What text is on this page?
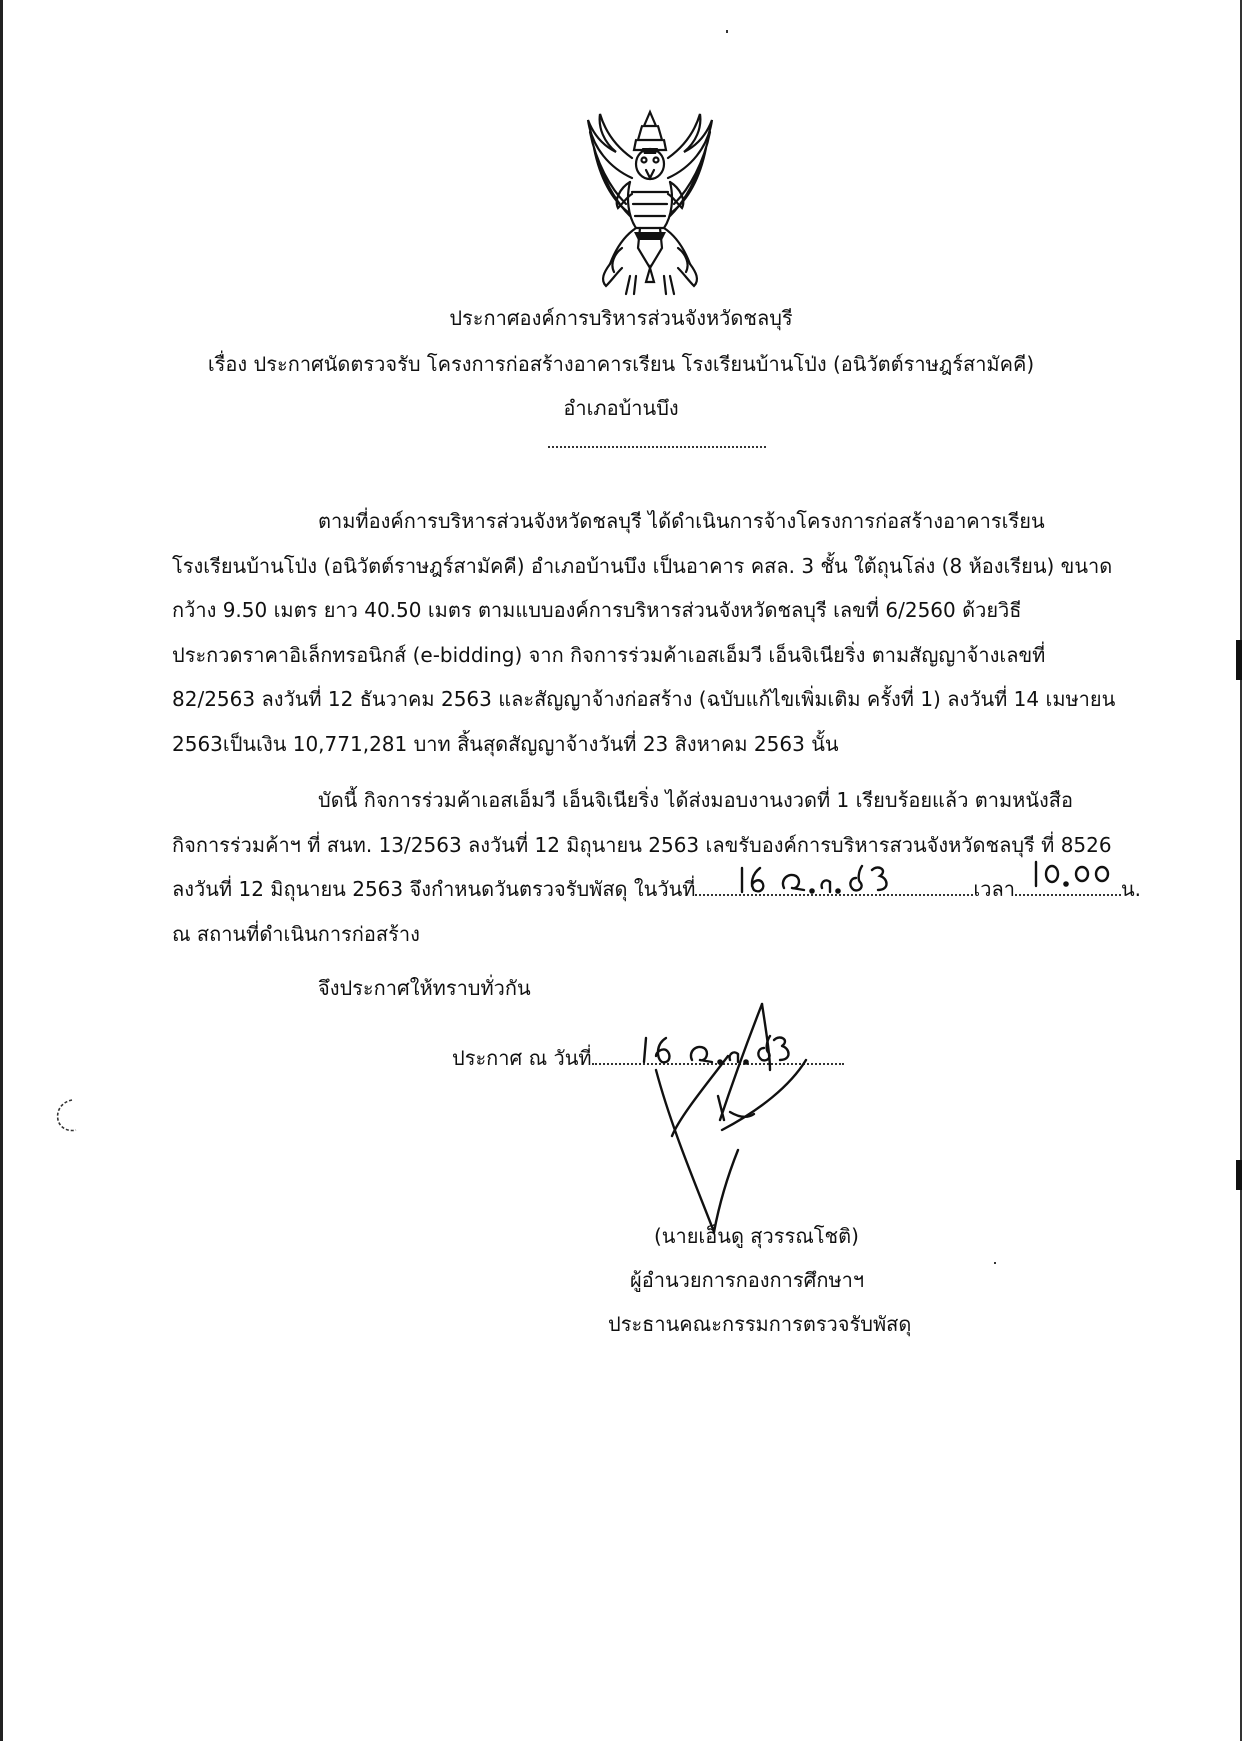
ประกาศองค์การบริหารส่วนจังหวัดชลบุรี
เรื่อง ประกาศนัดตรวจรับ โครงการก่อสร้างอาคารเรียน โรงเรียนบ้านโป่ง (อนิวัตต์ราษฎร์สามัคคี)
อำเภอบ้านบึง
ตามที่องค์การบริหารส่วนจังหวัดชลบุรี ได้ดำเนินการจ้างโครงการก่อสร้างอาคารเรียน
โรงเรียนบ้านโป่ง (อนิวัตต์ราษฎร์สามัคคี) อำเภอบ้านบึง เป็นอาคาร คสล. 3 ชั้น ใต้ถุนโล่ง (8 ห้องเรียน) ขนาด
กว้าง 9.50 เมตร ยาว 40.50 เมตร ตามแบบองค์การบริหารส่วนจังหวัดชลบุรี เลขที่ 6/2560 ด้วยวิธี
ประกวดราคาอิเล็กทรอนิกส์ (e-bidding) จาก กิจการร่วมค้าเอสเอ็มวี เอ็นจิเนียริ่ง ตามสัญญาจ้างเลขที่
82/2563 ลงวันที่ 12 ธันวาคม 2563 และสัญญาจ้างก่อสร้าง (ฉบับแก้ไขเพิ่มเติม ครั้งที่ 1) ลงวันที่ 14 เมษายน
2563เป็นเงิน 10,771,281 บาท สิ้นสุดสัญญาจ้างวันที่ 23 สิงหาคม 2563 นั้น
บัดนี้ กิจการร่วมค้าเอสเอ็มวี เอ็นจิเนียริ่ง ได้ส่งมอบงานงวดที่ 1 เรียบร้อยแล้ว ตามหนังสือ
กิจการร่วมค้าฯ ที่ สนท. 13/2563 ลงวันที่ 12 มิถุนายน 2563 เลขรับองค์การบริหารสวนจังหวัดชลบุรี ที่ 8526
ลงวันที่ 12 มิถุนายน 2563 จึงกำหนดวันตรวจรับพัสดุ ในวันที่	เวลา	น.
ณ สถานที่ดำเนินการก่อสร้าง
จึงประกาศให้ทราบทั่วกัน
ประกาศ ณ วันที่
(นายเอ็นดู สุวรรณโชติ)
ผู้อำนวยการกองการศึกษาฯ
ประธานคณะกรรมการตรวจรับพัสดุ
